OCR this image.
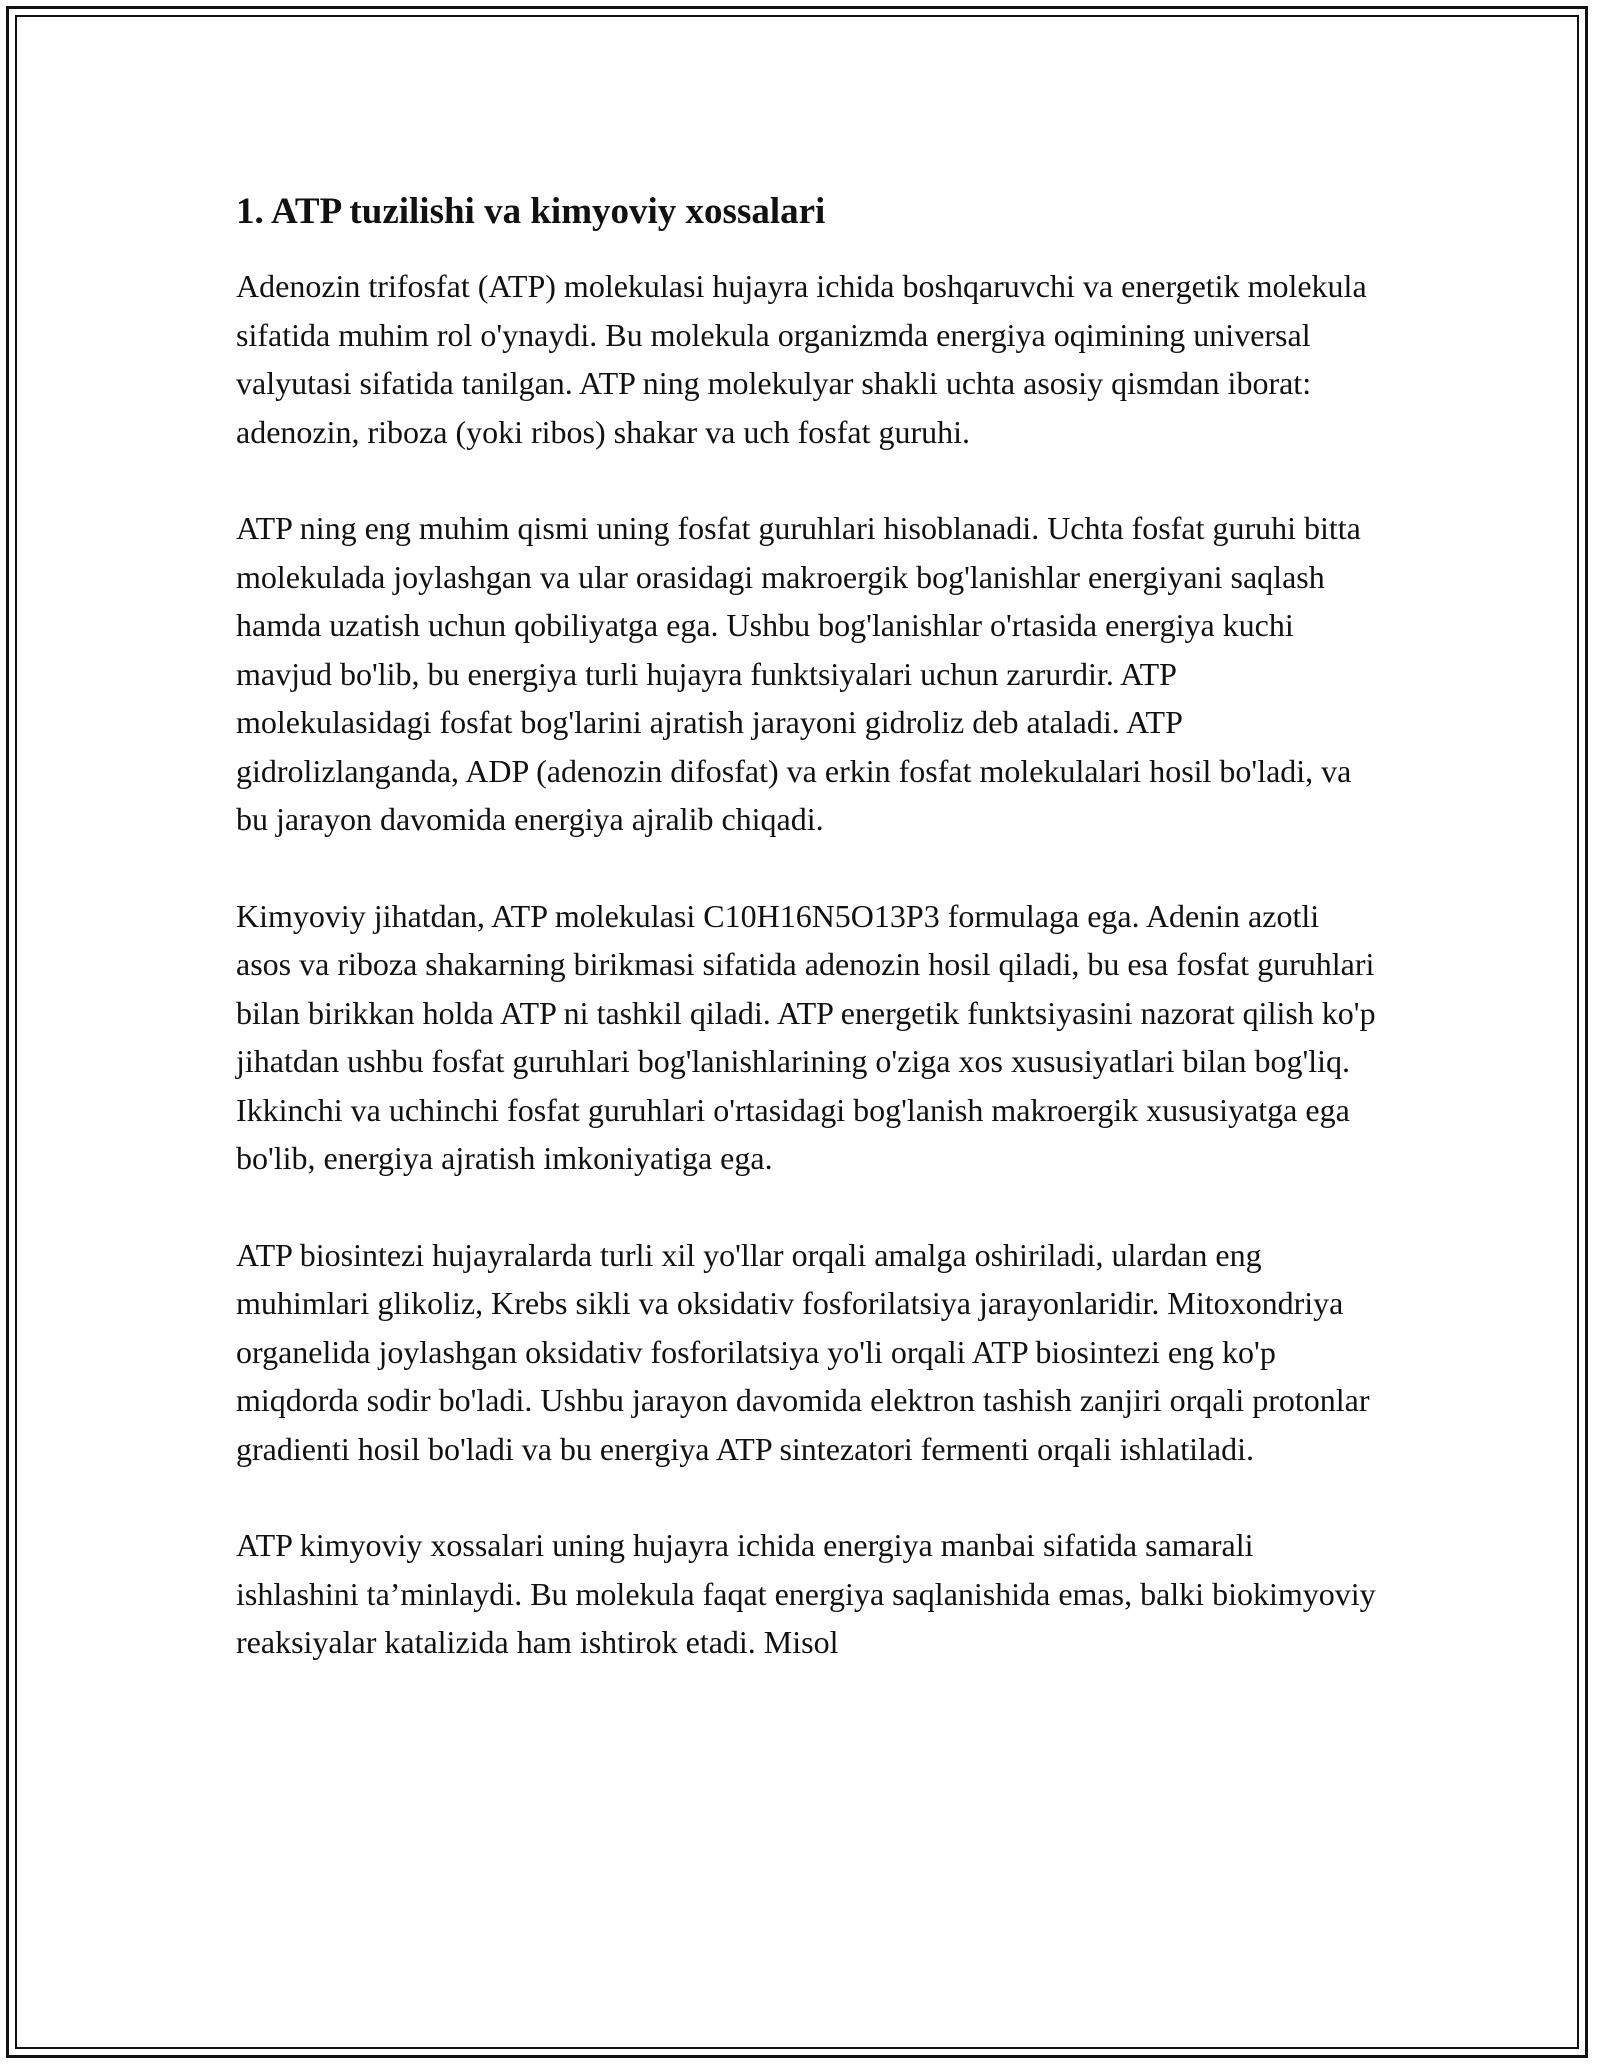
1. ATP tuzilishi va kimyoviy xossalari

Adenozin trifosfat (ATP) molekulasi hujayra ichida boshqaruvchi va energetik molekula sifatida muhim rol o'ynaydi. Bu molekula organizmda energiya oqimining universal valyutasi sifatida tanilgan. ATP ning molekulyar shakli uchta asosiy qismdan iborat: adenozin, riboza (yoki ribos) shakar va uch fosfat guruhi.

ATP ning eng muhim qismi uning fosfat guruhlari hisoblanadi. Uchta fosfat guruhi bitta molekulada joylashgan va ular orasidagi makroergik bog'lanishlar energiyani saqlash hamda uzatish uchun qobiliyatga ega. Ushbu bog'lanishlar o'rtasida energiya kuchi mavjud bo'lib, bu energiya turli hujayra funktsiyalari uchun zarurdir. ATP molekulasidagi fosfat bog'larini ajratish jarayoni gidroliz deb ataladi. ATP gidrolizlanganda, ADP (adenozin difosfat) va erkin fosfat molekulalari hosil bo'ladi, va bu jarayon davomida energiya ajralib chiqadi.

Kimyoviy jihatdan, ATP molekulasi C10H16N5O13P3 formulaga ega. Adenin azotli asos va riboza shakarning birikmasi sifatida adenozin hosil qiladi, bu esa fosfat guruhlari bilan birikkan holda ATP ni tashkil qiladi. ATP energetik funktsiyasini nazorat qilish ko'p jihatdan ushbu fosfat guruhlari bog'lanishlarining o'ziga xos xususiyatlari bilan bog'liq. Ikkinchi va uchinchi fosfat guruhlari o'rtasidagi bog'lanish makroergik xususiyatga ega bo'lib, energiya ajratish imkoniyatiga ega.

ATP biosintezi hujayralarda turli xil yo'llar orqali amalga oshiriladi, ulardan eng muhimlari glikoliz, Krebs sikli va oksidativ fosforilatsiya jarayonlaridir. Mitoxondriya organelida joylashgan oksidativ fosforilatsiya yo'li orqali ATP biosintezi eng ko'p miqdorda sodir bo'ladi. Ushbu jarayon davomida elektron tashish zanjiri orqali protonlar gradienti hosil bo'ladi va bu energiya ATP sintezatori fermenti orqali ishlatiladi.

ATP kimyoviy xossalari uning hujayra ichida energiya manbai sifatida samarali ishlashini ta’minlaydi. Bu molekula faqat energiya saqlanishida emas, balki biokimyoviy reaksiyalar katalizida ham ishtirok etadi. Misol
